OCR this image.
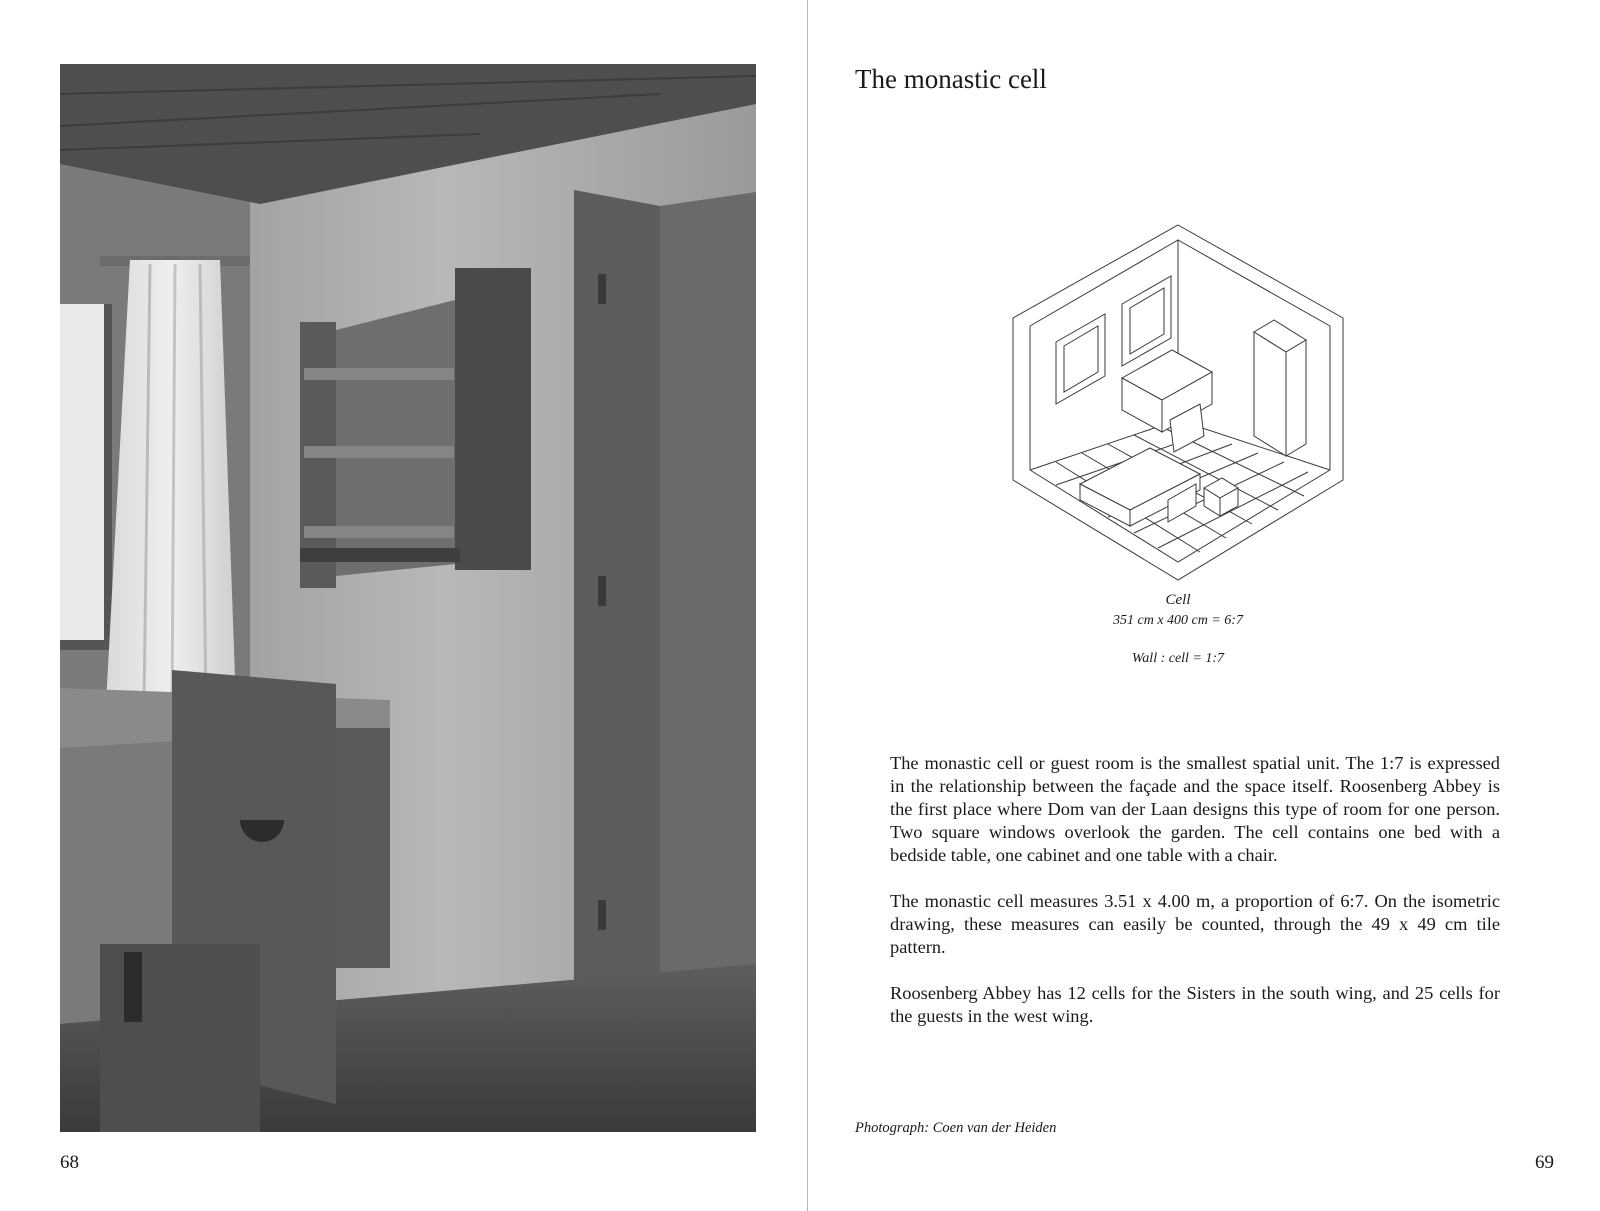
68
The monastic cell
Cell
351 cm x 400 cm = 6:7
Wall : cell = 1:7

The monastic cell or guest room is the smallest spatial unit. The 1:7 is expressed in the relationship between the façade and the space itself. Roosenberg Abbey is the first place where Dom van der Laan designs this type of room for one person. Two square windows overlook the garden. The cell contains one bed with a bedside table, one cabinet and one table with a chair.

The monastic cell measures 3.51 x 4.00 m, a proportion of 6:7. On the isometric drawing, these measures can easily be counted, through the 49 x 49 cm tile pattern.

Roosenberg Abbey has 12 cells for the Sisters in the south wing, and 25 cells for the guests in the west wing.

Photograph: Coen van der Heiden
69
